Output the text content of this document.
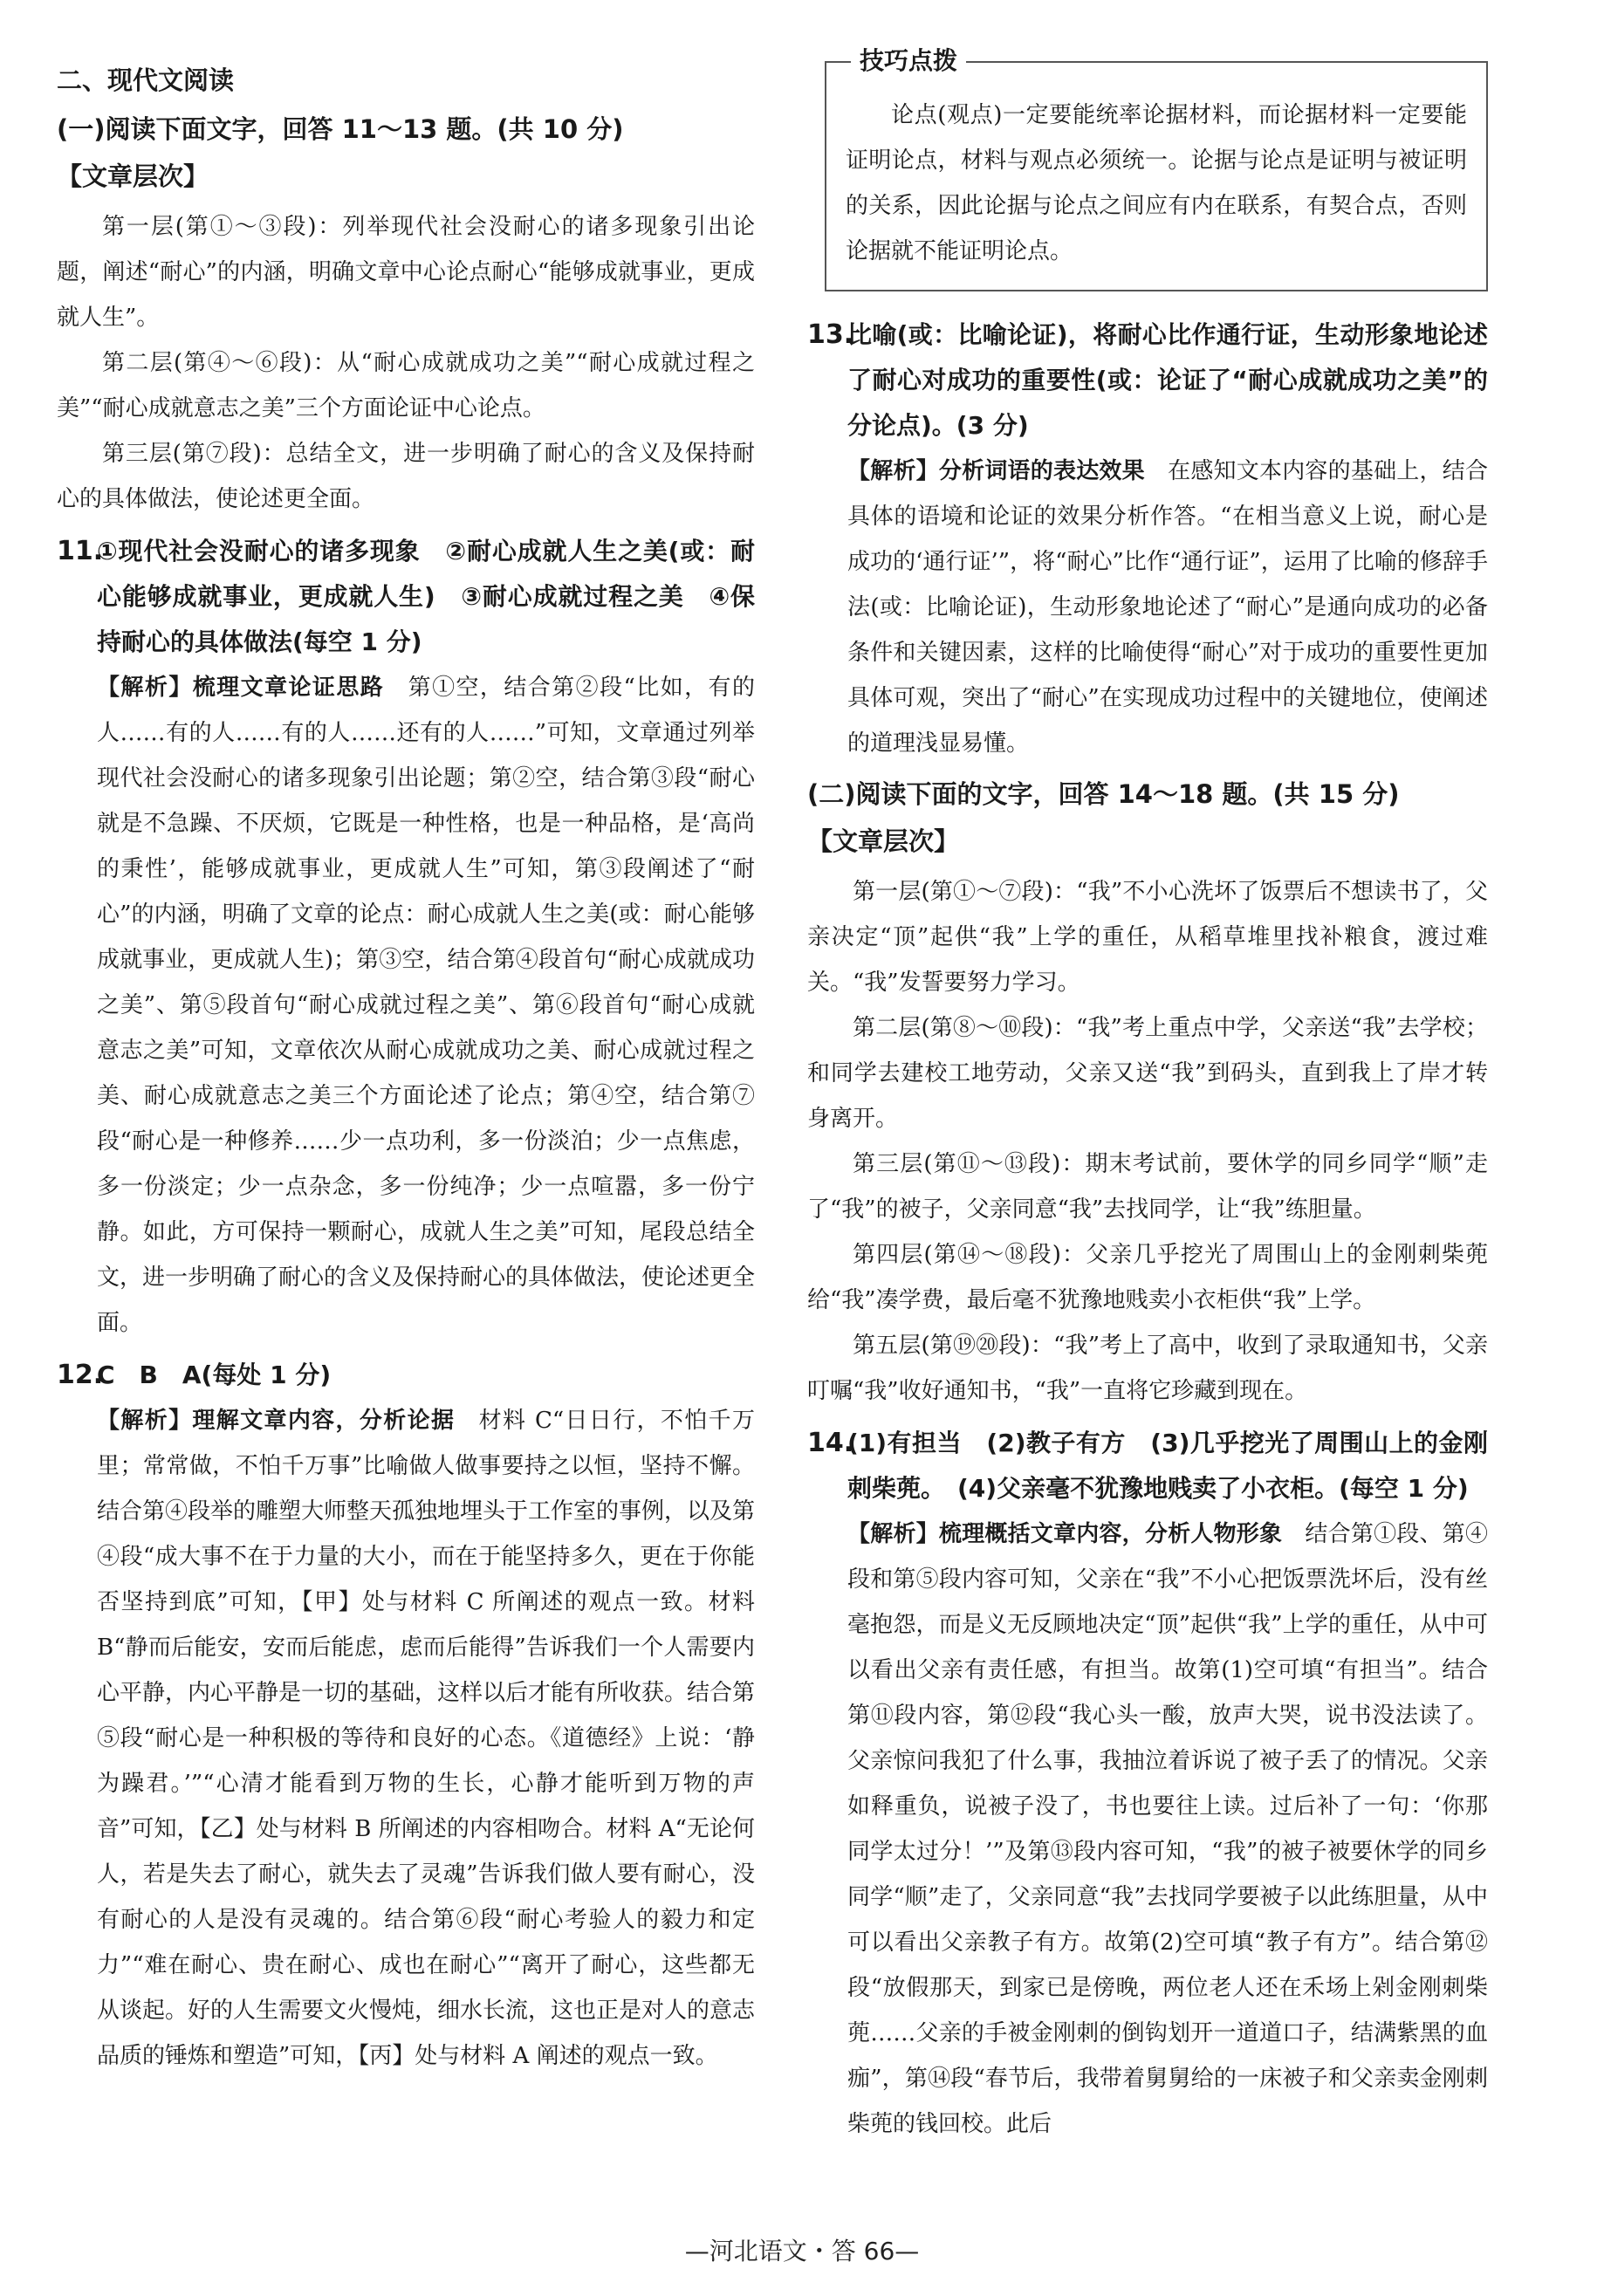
二、现代文阅读

(一)阅读下面文字，回答 11～13 题。(共 10 分)

【文章层次】

第一层(第①～③段)：列举现代社会没耐心的诸多现象引出论题，阐述“耐心”的内涵，明确文章中心论点耐心“能够成就事业，更成就人生”。

第二层(第④～⑥段)：从“耐心成就成功之美”“耐心成就过程之美”“耐心成就意志之美”三个方面论证中心论点。

第三层(第⑦段)：总结全文，进一步明确了耐心的含义及保持耐心的具体做法，使论述更全面。

11.

①现代社会没耐心的诸多现象　②耐心成就人生之美(或：耐心能够成就事业，更成就人生)　③耐心成就过程之美　④保持耐心的具体做法(每空 1 分)

【解析】梳理文章论证思路　第①空，结合第②段“比如，有的人……有的人……有的人……还有的人……”可知，文章通过列举现代社会没耐心的诸多现象引出论题；第②空，结合第③段“耐心就是不急躁、不厌烦，它既是一种性格，也是一种品格，是‘高尚的秉性’，能够成就事业，更成就人生”可知，第③段阐述了“耐心”的内涵，明确了文章的论点：耐心成就人生之美(或：耐心能够成就事业，更成就人生)；第③空，结合第④段首句“耐心成就成功之美”、第⑤段首句“耐心成就过程之美”、第⑥段首句“耐心成就意志之美”可知，文章依次从耐心成就成功之美、耐心成就过程之美、耐心成就意志之美三个方面论述了论点；第④空，结合第⑦段“耐心是一种修养……少一点功利，多一份淡泊；少一点焦虑，多一份淡定；少一点杂念，多一份纯净；少一点喧嚣，多一份宁静。如此，方可保持一颗耐心，成就人生之美”可知，尾段总结全文，进一步明确了耐心的含义及保持耐心的具体做法，使论述更全面。

12.

C　B　A(每处 1 分)

【解析】理解文章内容，分析论据　材料 C“日日行，不怕千万里；常常做，不怕千万事”比喻做人做事要持之以恒，坚持不懈。结合第④段举的雕塑大师整天孤独地埋头于工作室的事例，以及第④段“成大事不在于力量的大小，而在于能坚持多久，更在于你能否坚持到底”可知，【甲】处与材料 C 所阐述的观点一致。材料 B“静而后能安，安而后能虑，虑而后能得”告诉我们一个人需要内心平静，内心平静是一切的基础，这样以后才能有所收获。结合第⑤段“耐心是一种积极的等待和良好的心态。《道德经》上说：‘静为躁君。’”“心清才能看到万物的生长，心静才能听到万物的声音”可知，【乙】处与材料 B 所阐述的内容相吻合。材料 A“无论何人，若是失去了耐心，就失去了灵魂”告诉我们做人要有耐心，没有耐心的人是没有灵魂的。结合第⑥段“耐心考验人的毅力和定力”“难在耐心、贵在耐心、成也在耐心”“离开了耐心，这些都无从谈起。好的人生需要文火慢炖，细水长流，这也正是对人的意志品质的锤炼和塑造”可知，【丙】处与材料 A 阐述的观点一致。

技巧点拨

论点(观点)一定要能统率论据材料，而论据材料一定要能证明论点，材料与观点必须统一。论据与论点是证明与被证明的关系，因此论据与论点之间应有内在联系，有契合点，否则论据就不能证明论点。

13.

比喻(或：比喻论证)，将耐心比作通行证，生动形象地论述了耐心对成功的重要性(或：论证了“耐心成就成功之美”的分论点)。(3 分)

【解析】分析词语的表达效果　在感知文本内容的基础上，结合具体的语境和论证的效果分析作答。“在相当意义上说，耐心是成功的‘通行证’”，将“耐心”比作“通行证”，运用了比喻的修辞手法(或：比喻论证)，生动形象地论述了“耐心”是通向成功的必备条件和关键因素，这样的比喻使得“耐心”对于成功的重要性更加具体可观，突出了“耐心”在实现成功过程中的关键地位，使阐述的道理浅显易懂。

(二)阅读下面的文字，回答 14～18 题。(共 15 分)

【文章层次】

第一层(第①～⑦段)：“我”不小心洗坏了饭票后不想读书了，父亲决定“顶”起供“我”上学的重任，从稻草堆里找补粮食，渡过难关。“我”发誓要努力学习。

第二层(第⑧～⑩段)：“我”考上重点中学，父亲送“我”去学校；和同学去建校工地劳动，父亲又送“我”到码头，直到我上了岸才转身离开。

第三层(第⑪～⑬段)：期末考试前，要休学的同乡同学“顺”走了“我”的被子，父亲同意“我”去找同学，让“我”练胆量。

第四层(第⑭～⑱段)：父亲几乎挖光了周围山上的金刚刺柴蔸给“我”凑学费，最后毫不犹豫地贱卖小衣柜供“我”上学。

第五层(第⑲⑳段)：“我”考上了高中，收到了录取通知书，父亲叮嘱“我”收好通知书，“我”一直将它珍藏到现在。

14.

(1)有担当　(2)教子有方　(3)几乎挖光了周围山上的金刚刺柴蔸。　(4)父亲毫不犹豫地贱卖了小衣柜。(每空 1 分)

【解析】梳理概括文章内容，分析人物形象　结合第①段、第④段和第⑤段内容可知，父亲在“我”不小心把饭票洗坏后，没有丝毫抱怨，而是义无反顾地决定“顶”起供“我”上学的重任，从中可以看出父亲有责任感，有担当。故第(1)空可填“有担当”。结合第⑪段内容，第⑫段“我心头一酸，放声大哭，说书没法读了。父亲惊问我犯了什么事，我抽泣着诉说了被子丢了的情况。父亲如释重负，说被子没了，书也要往上读。过后补了一句：‘你那同学太过分！’”及第⑬段内容可知，“我”的被子被要休学的同乡同学“顺”走了，父亲同意“我”去找同学要被子以此练胆量，从中可以看出父亲教子有方。故第(2)空可填“教子有方”。结合第⑫段“放假那天，到家已是傍晚，两位老人还在禾场上剁金刚刺柴蔸……父亲的手被金刚刺的倒钩划开一道道口子，结满紫黑的血痂”，第⑭段“春节后，我带着舅舅给的一床被子和父亲卖金刚刺柴蔸的钱回校。此后

—河北语文・答 66—
